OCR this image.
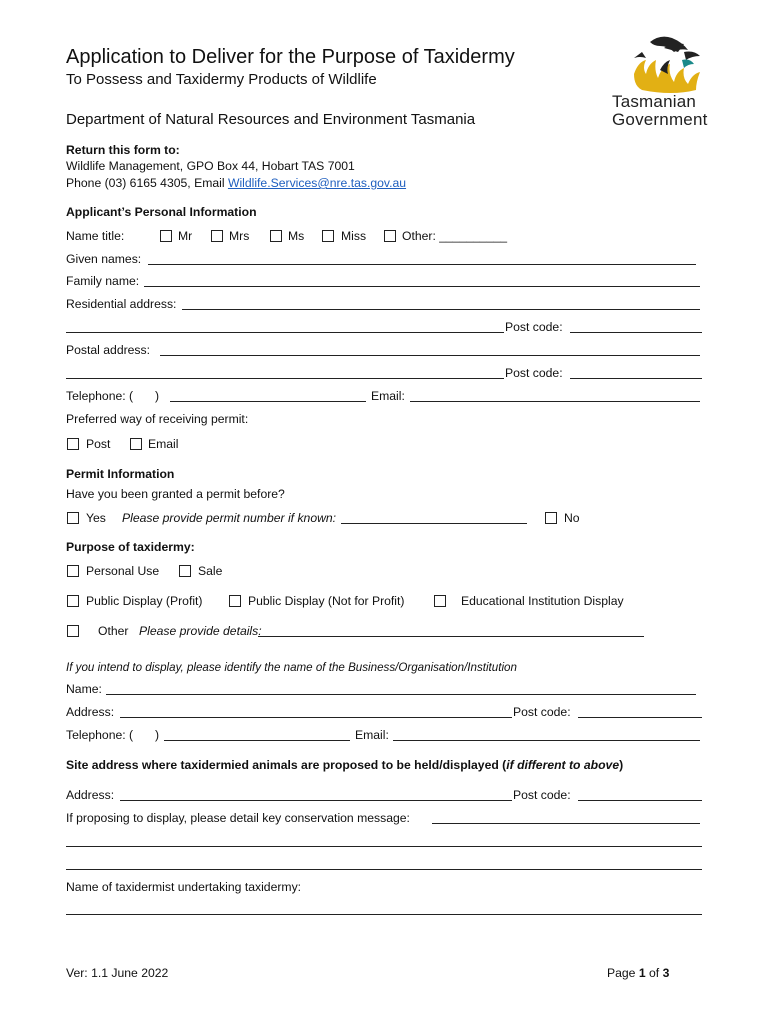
Application to Deliver for the Purpose of Taxidermy
To Possess and Taxidermy Products of Wildlife
Department of Natural Resources and Environment Tasmania
Tasmanian
Government
Return this form to:
Wildlife Management, GPO Box 44, Hobart TAS 7001
Phone (03) 6165 4305, Email Wildlife.Services@nre.tas.gov.au
Applicant’s Personal Information
Name title:	Mr	Mrs	Ms	Miss	Other: __________
Given names:
Family name:
Residential address:
Post code:
Postal address:
Post code:
Telephone: ( )	Email:
Preferred way of receiving permit:
Post	Email
Permit Information
Have you been granted a permit before?
Yes Please provide permit number if known:	No
Purpose of taxidermy:
Personal Use	Sale
Public Display (Profit)	Public Display (Not for Profit)	Educational Institution Display
Other Please provide details:
If you intend to display, please identify the name of the Business/Organisation/Institution
Name:
Address:	Post code:
Telephone: ( )	Email:
Site address where taxidermied animals are proposed to be held/displayed (if different to above)
Address:	Post code:
If proposing to display, please detail key conservation message:
Name of taxidermist undertaking taxidermy:
Ver: 1.1 June 2022	Page 1 of 3
